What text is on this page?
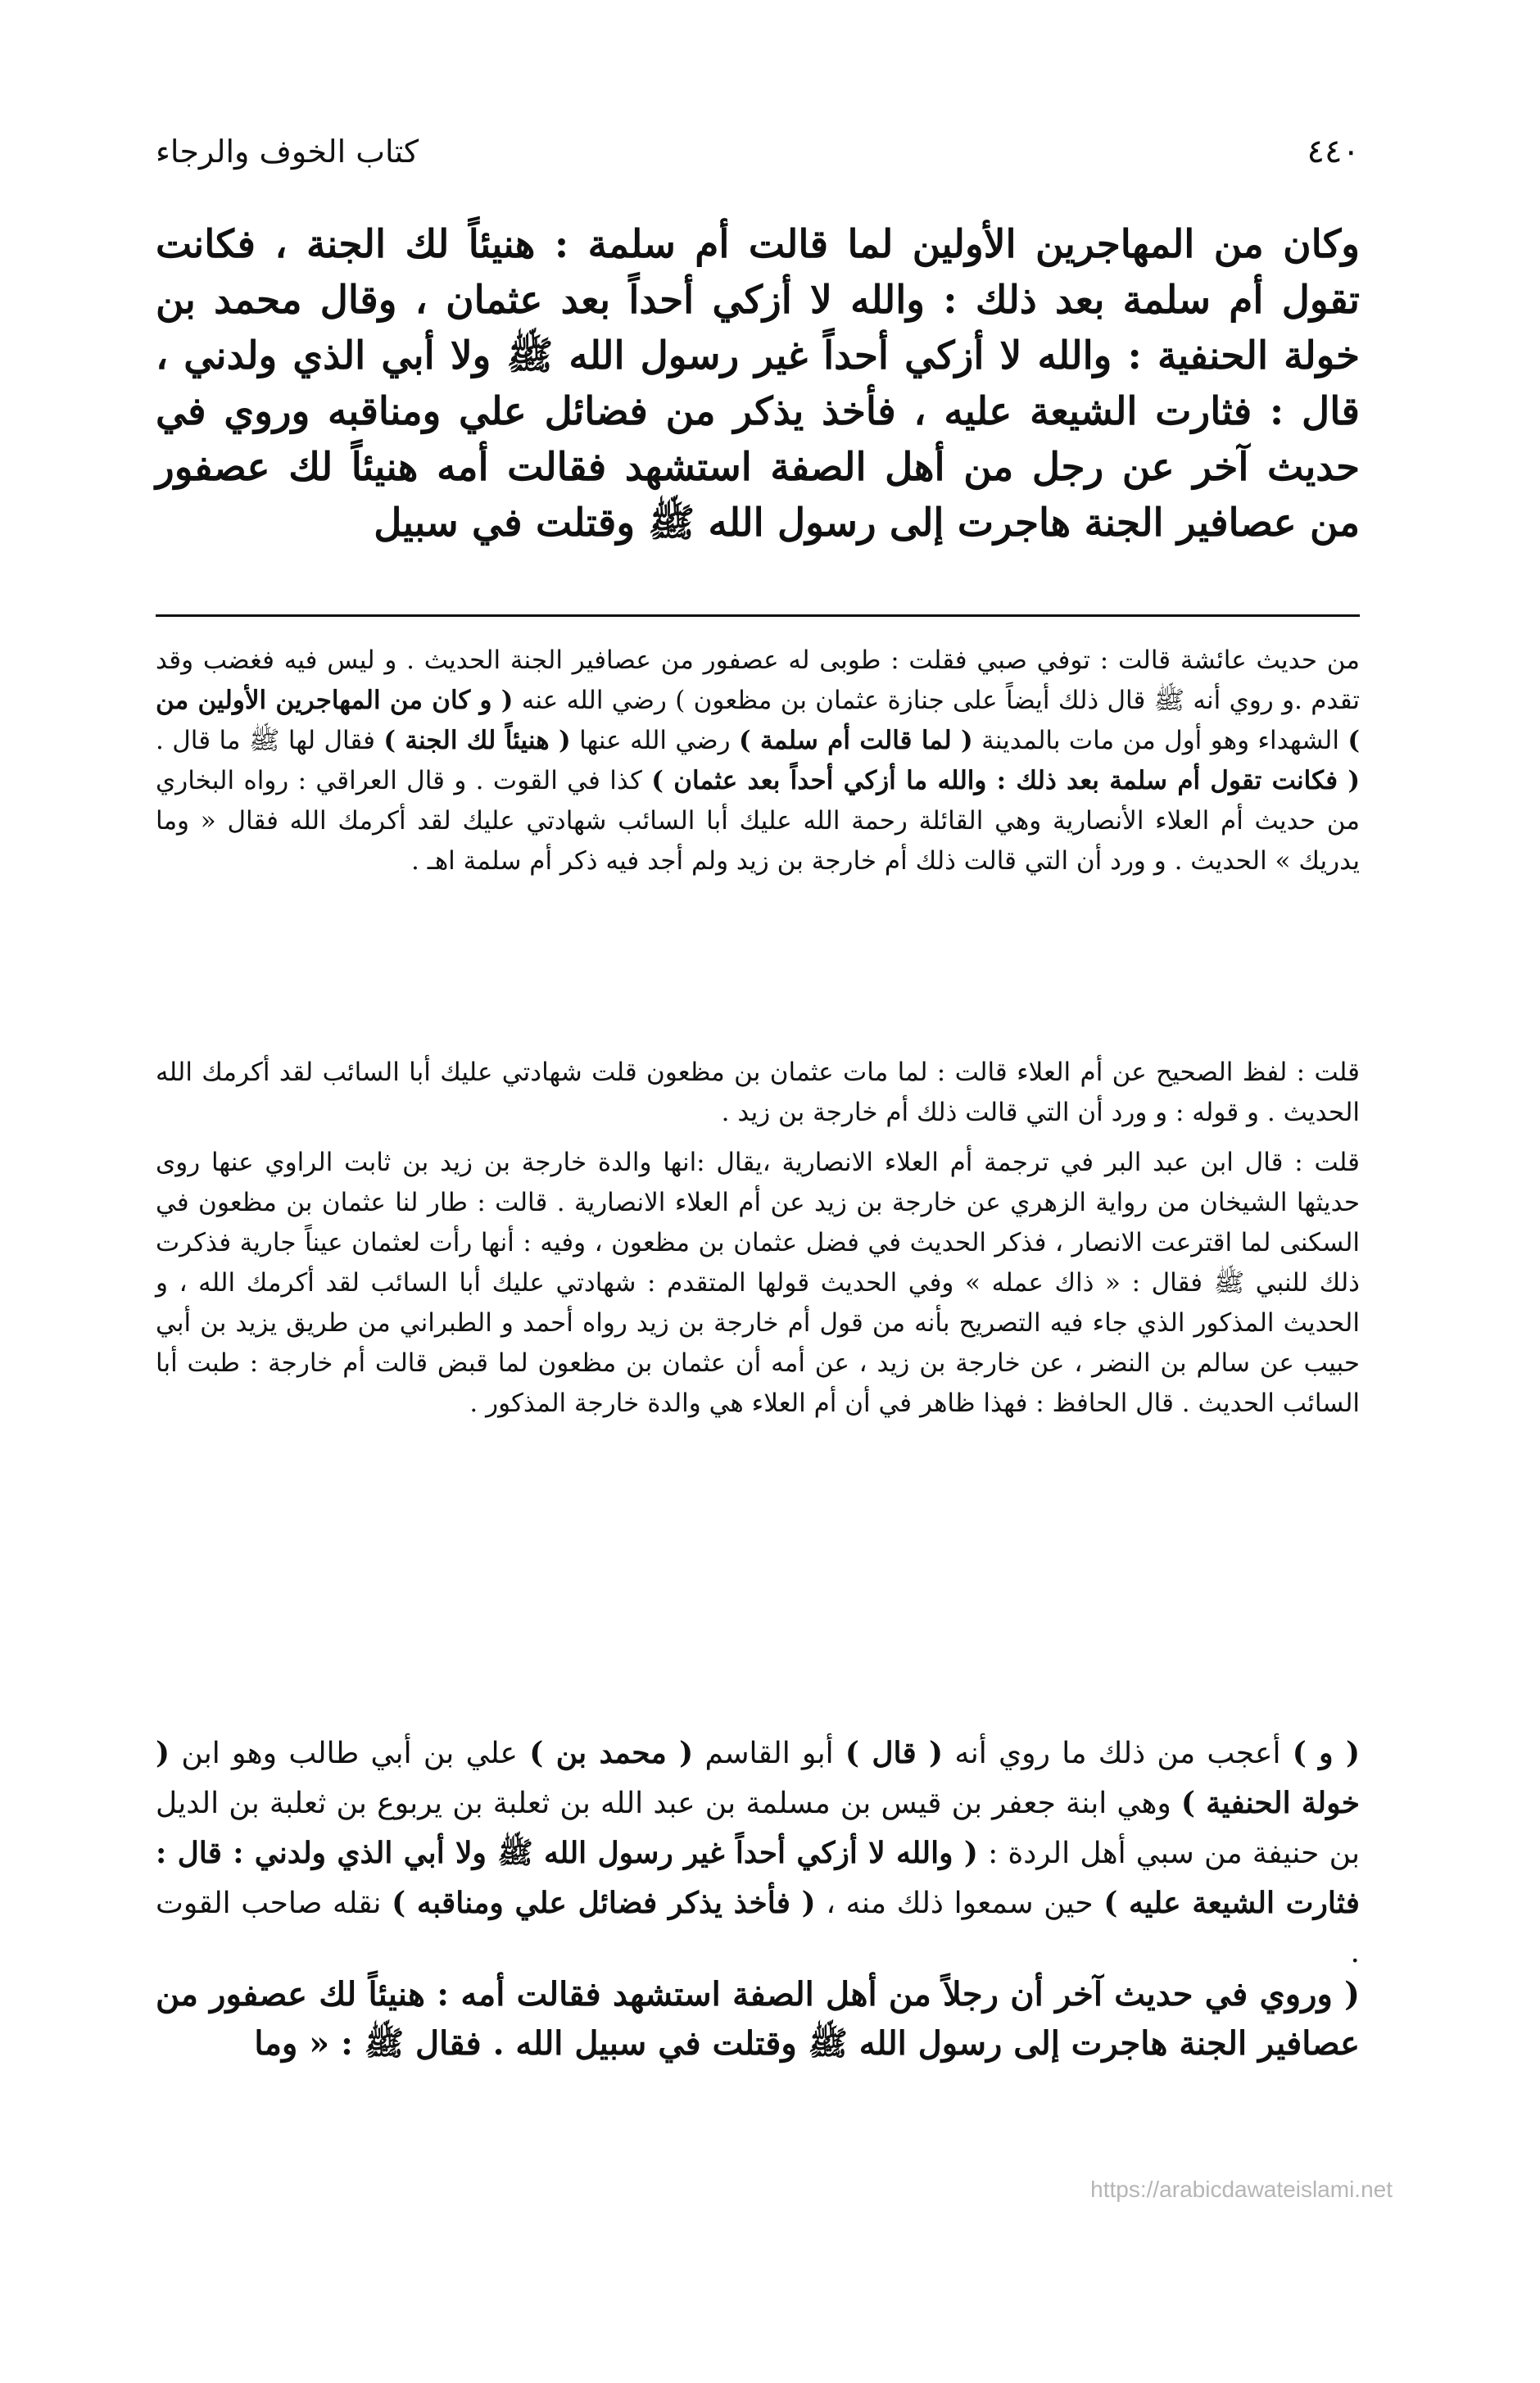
٤٤٠
كتاب الخوف والرجاء

وكان من المهاجرين الأولين لما قالت أم سلمة : هنيئاً لك الجنة ، فكانت تقول أم سلمة بعد ذلك : والله لا أزكي أحداً بعد عثمان ، وقال محمد بن خولة الحنفية : والله لا أزكي أحداً غير رسول الله ﷺ ولا أبي الذي ولدني ، قال : فثارت الشيعة عليه ، فأخذ يذكر من فضائل علي ومناقبه وروي في حديث آخر عن رجل من أهل الصفة استشهد فقالت أمه هنيئاً لك عصفور من عصافير الجنة هاجرت إلى رسول الله ﷺ وقتلت في سبيل

من حديث عائشة قالت : توفي صبي فقلت : طوبى له عصفور من عصافير الجنة الحديث . و ليس فيه فغضب وقد تقدم .و روي أنه ﷺ قال ذلك أيضاً على جنازة عثمان بن مظعون ) رضي الله عنه ( و كان من المهاجرين الأولين من ) الشهداء وهو أول من مات بالمدينة ( لما قالت أم سلمة ) رضي الله عنها ( هنيئاً لك الجنة ) فقال لها ﷺ ما قال . ( فكانت تقول أم سلمة بعد ذلك : والله ما أزكي أحداً بعد عثمان ) كذا في القوت . و قال العراقي : رواه البخاري من حديث أم العلاء الأنصارية وهي القائلة رحمة الله عليك أبا السائب شهادتي عليك لقد أكرمك الله فقال « وما يدريك » الحديث . و ورد أن التي قالت ذلك أم خارجة بن زيد ولم أجد فيه ذكر أم سلمة اهـ .

قلت : لفظ الصحيح عن أم العلاء قالت : لما مات عثمان بن مظعون قلت شهادتي عليك أبا السائب لقد أكرمك الله الحديث . و قوله : و ورد أن التي قالت ذلك أم خارجة بن زيد .

قلت : قال ابن عبد البر في ترجمة أم العلاء الانصارية ،يقال :انها والدة خارجة بن زيد بن ثابت الراوي عنها روى حديثها الشيخان من رواية الزهري عن خارجة بن زيد عن أم العلاء الانصارية . قالت : طار لنا عثمان بن مظعون في السكنى لما اقترعت الانصار ، فذكر الحديث في فضل عثمان بن مظعون ، وفيه : أنها رأت لعثمان عيناً جارية فذكرت ذلك للنبي ﷺ فقال : « ذاك عمله » وفي الحديث قولها المتقدم : شهادتي عليك أبا السائب لقد أكرمك الله ، و الحديث المذكور الذي جاء فيه التصريح بأنه من قول أم خارجة بن زيد رواه أحمد و الطبراني من طريق يزيد بن أبي حبيب عن سالم بن النضر ، عن خارجة بن زيد ، عن أمه أن عثمان بن مظعون لما قبض قالت أم خارجة : طبت أبا السائب الحديث . قال الحافظ : فهذا ظاهر في أن أم العلاء هي والدة خارجة المذكور .

( و ) أعجب من ذلك ما روي أنه ( قال ) أبو القاسم ( محمد بن ) علي بن أبي طالب وهو ابن ( خولة الحنفية ) وهي ابنة جعفر بن قيس بن مسلمة بن عبد الله بن ثعلبة بن يربوع بن ثعلبة بن الديل بن حنيفة من سبي أهل الردة : ( والله لا أزكي أحداً غير رسول الله ﷺ ولا أبي الذي ولدني : قال : فثارت الشيعة عليه ) حين سمعوا ذلك منه ، ( فأخذ يذكر فضائل علي ومناقبه ) نقله صاحب القوت .

( وروي في حديث آخر أن رجلاً من أهل الصفة استشهد فقالت أمه : هنيئاً لك عصفور من عصافير الجنة هاجرت إلى رسول الله ﷺ وقتلت في سبيل الله . فقال ﷺ : « وما

https://arabicdawateislami.net
